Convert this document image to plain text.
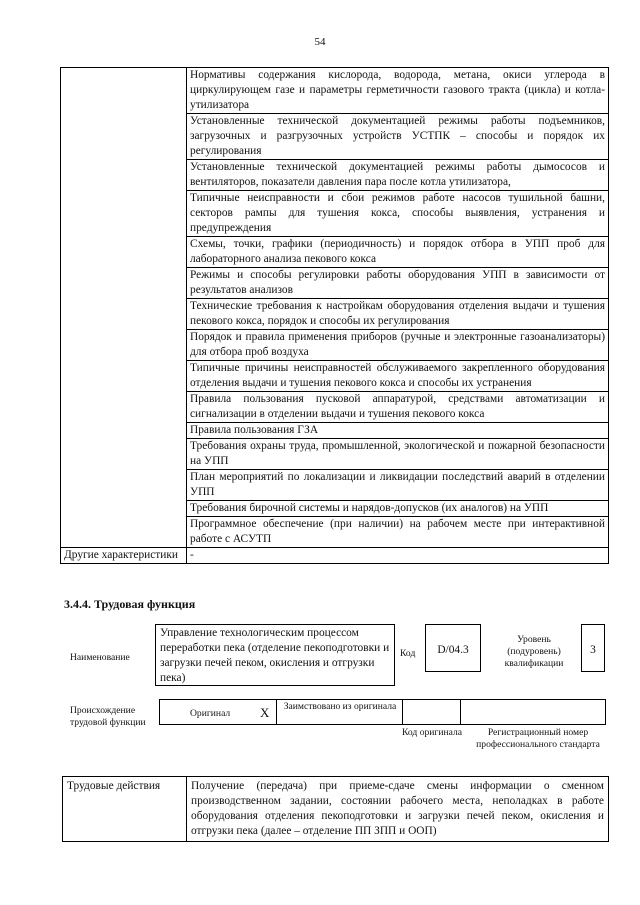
54
	Нормативы содержания кислорода, водорода, метана, окиси углерода в циркулирующем газе и параметры герметичности газового тракта (цикла) и котла-утилизатора
	Установленные технической документацией режимы работы подъемников, загрузочных и разгрузочных устройств УСТПК – способы и порядок их регулирования
	Установленные технической документацией режимы работы дымососов и вентиляторов, показатели давления пара после котла утилизатора,
	Типичные неисправности и сбои режимов работе насосов тушильной башни, секторов рампы для тушения кокса, способы выявления, устранения и предупреждения
	Схемы, точки, графики (периодичность) и порядок отбора в УПП проб для лабораторного анализа пекового кокса
	Режимы и способы регулировки работы оборудования УПП в зависимости от результатов анализов
	Технические требования к настройкам оборудования отделения выдачи и тушения пекового кокса, порядок и способы их регулирования
	Порядок и правила применения приборов (ручные и электронные газоанализаторы) для отбора проб воздуха
	Типичные причины неисправностей обслуживаемого закрепленного оборудования отделения выдачи и тушения пекового кокса и способы их устранения
	Правила пользования пусковой аппаратурой, средствами автоматизации и сигнализации в отделении выдачи и тушения пекового кокса
	Правила пользования ГЗА
	Требования охраны труда, промышленной, экологической и пожарной безопасности на УПП
	План мероприятий по локализации и ликвидации последствий аварий в отделении УПП
	Требования бирочной системы и нарядов-допусков (их аналогов) на УПП
	Программное обеспечение (при наличии) на рабочем месте при интерактивной работе с АСУТП
Другие характеристики	-
3.4.4. Трудовая функция
Наименование
Управление технологическим процессом переработки пека (отделение пекоподготовки и загрузки печей пеком, окисления и отгрузки пека)
Код	D/04.3
Уровень (подуровень) квалификации
3
Происхождение трудовой функции
Оригинал X	Заимствовано из оригинала
Код оригинала	Регистрационный номер профессионального стандарта
Трудовые действия	Получение (передача) при приеме-сдаче смены информации о сменном производственном задании, состоянии рабочего места, неполадках в работе оборудования отделения пекоподготовки и загрузки печей пеком, окисления и отгрузки пека (далее – отделение ПП ЗПП и ООП)
